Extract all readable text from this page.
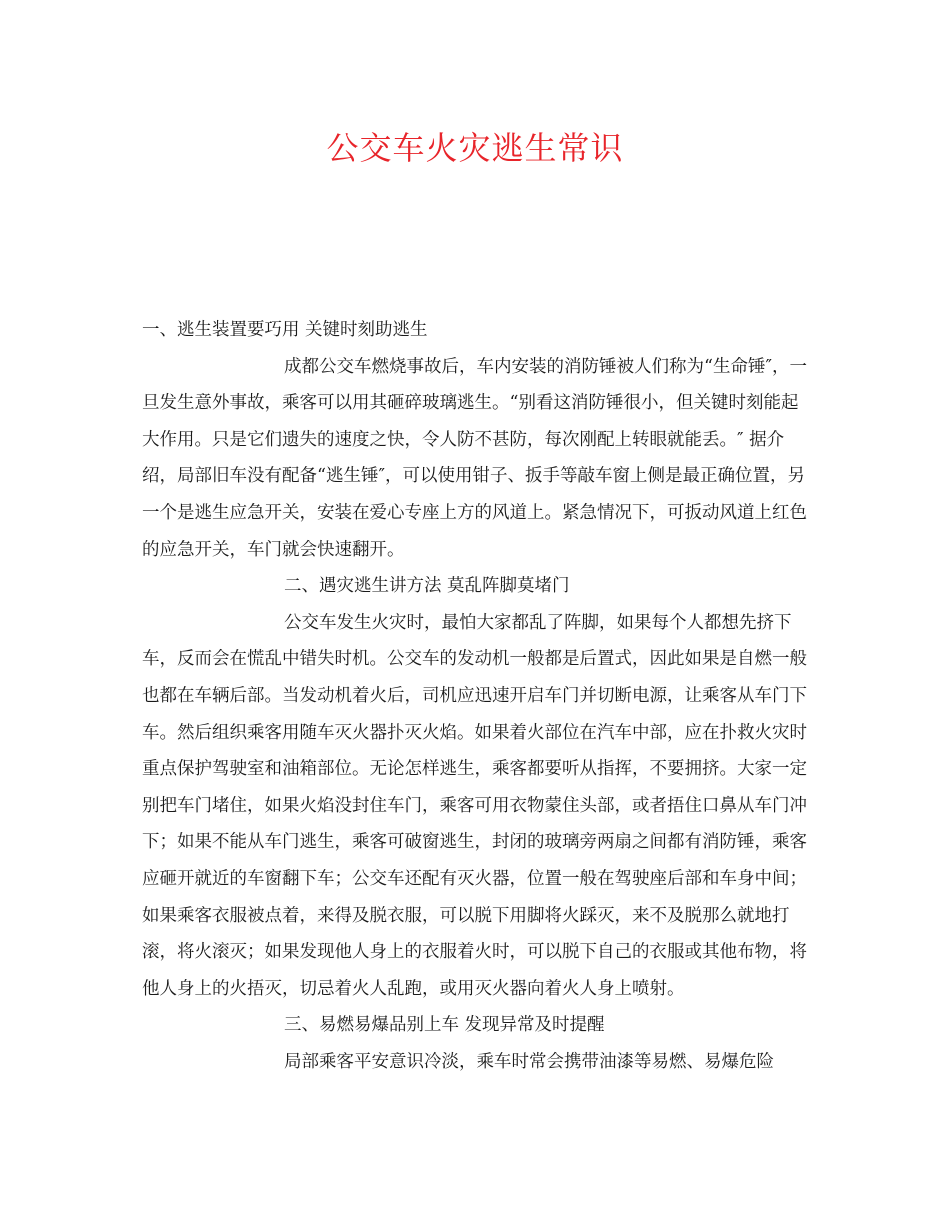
公交车火灾逃生常识

一、逃生装置要巧用 关键时刻助逃生

成都公交车燃烧事故后，车内安装的消防锤被人们称为“生命锤″，一旦发生意外事故，乘客可以用其砸碎玻璃逃生。“别看这消防锤很小，但关键时刻能起大作用。只是它们遗失的速度之快，令人防不甚防，每次刚配上转眼就能丢。″ 据介绍，局部旧车没有配备“逃生锤″，可以使用钳子、扳手等敲车窗上侧是最正确位置，另一个是逃生应急开关，安装在爱心专座上方的风道上。紧急情况下，可扳动风道上红色的应急开关，车门就会快速翻开。

二、遇灾逃生讲方法 莫乱阵脚莫堵门

公交车发生火灾时，最怕大家都乱了阵脚，如果每个人都想先挤下车，反而会在慌乱中错失时机。公交车的发动机一般都是后置式，因此如果是自燃一般也都在车辆后部。当发动机着火后，司机应迅速开启车门并切断电源，让乘客从车门下车。然后组织乘客用随车灭火器扑灭火焰。如果着火部位在汽车中部，应在扑救火灾时重点保护驾驶室和油箱部位。无论怎样逃生，乘客都要听从指挥，不要拥挤。大家一定别把车门堵住，如果火焰没封住车门，乘客可用衣物蒙住头部，或者捂住口鼻从车门冲下；如果不能从车门逃生，乘客可破窗逃生，封闭的玻璃旁两扇之间都有消防锤，乘客应砸开就近的车窗翻下车；公交车还配有灭火器，位置一般在驾驶座后部和车身中间；如果乘客衣服被点着，来得及脱衣服，可以脱下用脚将火踩灭，来不及脱那么就地打滚，将火滚灭；如果发现他人身上的衣服着火时，可以脱下自己的衣服或其他布物，将他人身上的火捂灭，切忌着火人乱跑，或用灭火器向着火人身上喷射。

三、易燃易爆品别上车 发现异常及时提醒

局部乘客平安意识冷淡，乘车时常会携带油漆等易燃、易爆危险
